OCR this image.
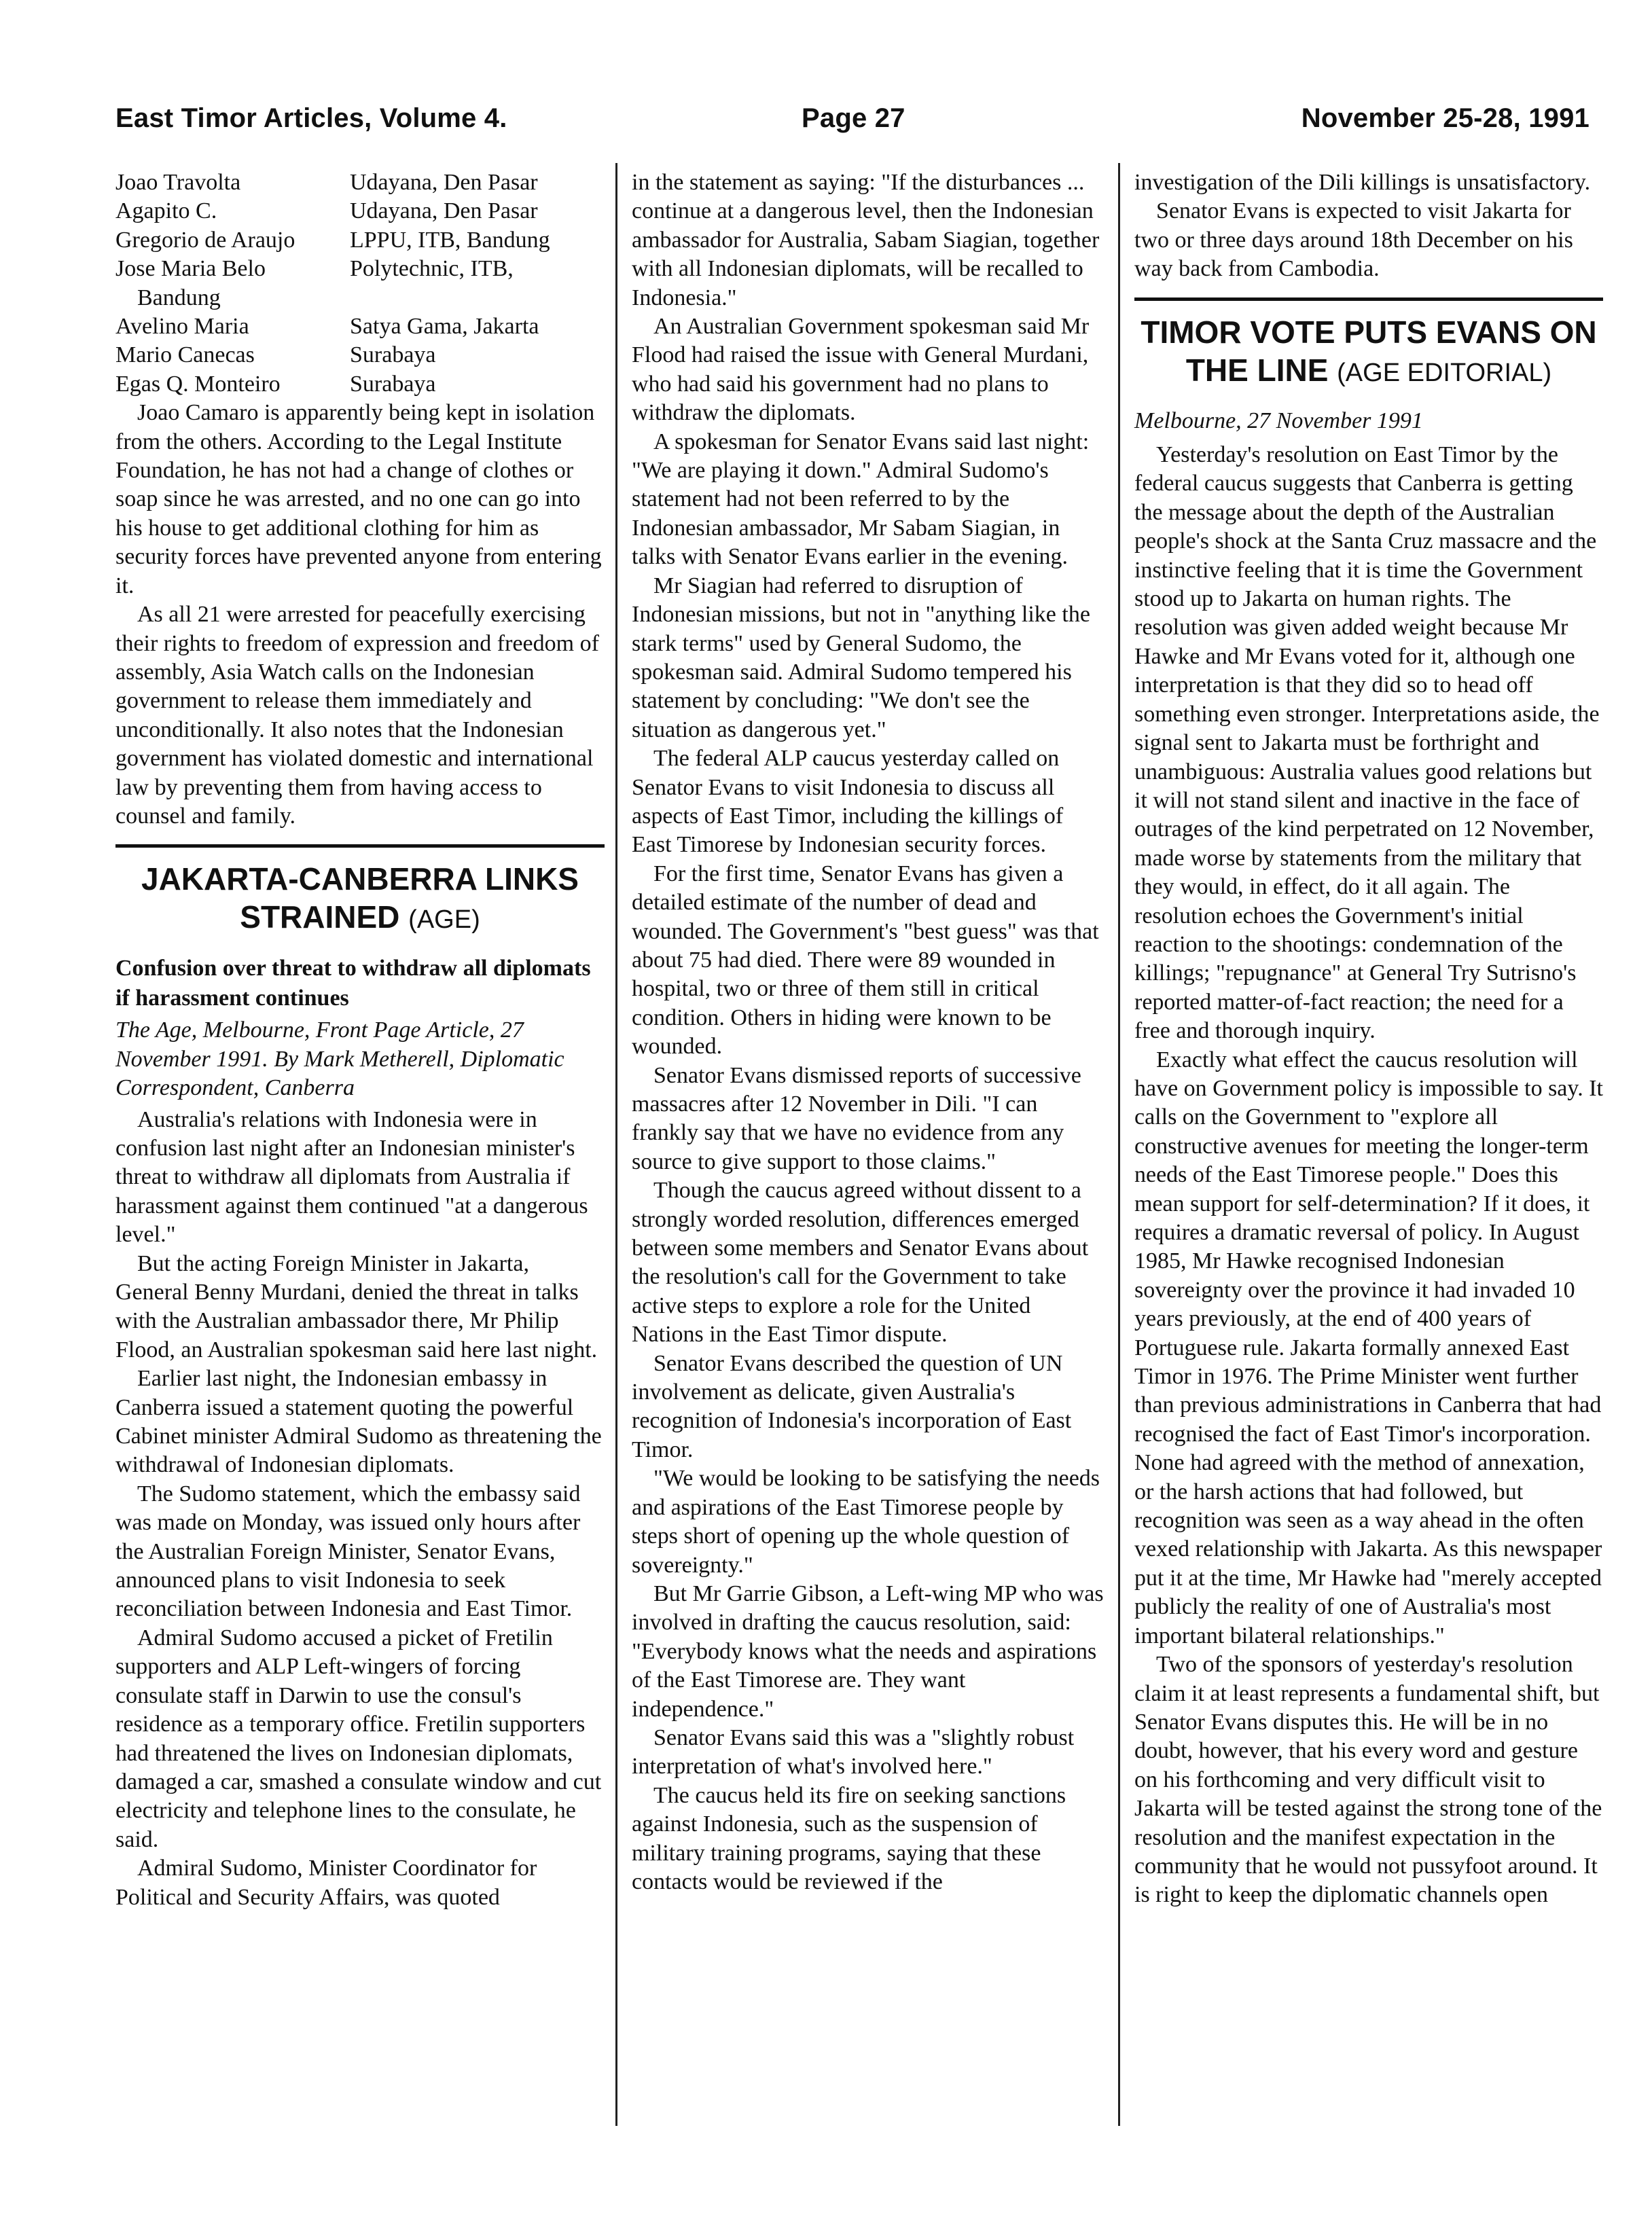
East Timor Articles, Volume 4.	Page 27	November 25-28, 1991
Joao Travolta	Udayana, Den Pasar
Agapito C.	Udayana, Den Pasar
Gregorio de Araujo	LPPU, ITB, Bandung
Jose Maria Belo	Polytechnic, ITB,
Bandung
Avelino Maria	Satya Gama, Jakarta
Mario Canecas	Surabaya
Egas Q. Monteiro	Surabaya

Joao Camaro is apparently being kept in isolation from the others. According to the Legal Institute Foundation, he has not had a change of clothes or soap since he was arrested, and no one can go into his house to get additional clothing for him as security forces have prevented anyone from entering it.

As all 21 were arrested for peacefully exercising their rights to freedom of expression and freedom of assembly, Asia Watch calls on the Indonesian government to release them immediately and unconditionally. It also notes that the Indonesian government has violated domestic and international law by preventing them from having access to counsel and family.

JAKARTA-CANBERRA LINKS
STRAINED (AGE)
Confusion over threat to withdraw all diplomats if harassment continues
The Age, Melbourne, Front Page Article, 27 November 1991. By Mark Metherell, Diplomatic Correspondent, Canberra

Australia's relations with Indonesia were in confusion last night after an Indonesian minister's threat to withdraw all diplomats from Australia if harassment against them continued "at a dangerous level."

But the acting Foreign Minister in Jakarta, General Benny Murdani, denied the threat in talks with the Australian ambassador there, Mr Philip Flood, an Australian spokesman said here last night.

Earlier last night, the Indonesian embassy in Canberra issued a statement quoting the powerful Cabinet minister Admiral Sudomo as threatening the withdrawal of Indonesian diplomats.

The Sudomo statement, which the embassy said was made on Monday, was issued only hours after the Australian Foreign Minister, Senator Evans, announced plans to visit Indonesia to seek reconciliation between Indonesia and East Timor.

Admiral Sudomo accused a picket of Fretilin supporters and ALP Left-wingers of forcing consulate staff in Darwin to use the consul's residence as a temporary office. Fretilin supporters had threatened the lives on Indonesian diplomats, damaged a car, smashed a consulate window and cut electricity and telephone lines to the consulate, he said.

Admiral Sudomo, Minister Coordinator for Political and Security Affairs, was quoted

in the statement as saying: "If the disturbances ... continue at a dangerous level, then the Indonesian ambassador for Australia, Sabam Siagian, together with all Indonesian diplomats, will be recalled to Indonesia."

An Australian Government spokesman said Mr Flood had raised the issue with General Murdani, who had said his government had no plans to withdraw the diplomats.

A spokesman for Senator Evans said last night: "We are playing it down." Admiral Sudomo's statement had not been referred to by the Indonesian ambassador, Mr Sabam Siagian, in talks with Senator Evans earlier in the evening.

Mr Siagian had referred to disruption of Indonesian missions, but not in "anything like the stark terms" used by General Sudomo, the spokesman said. Admiral Sudomo tempered his statement by concluding: "We don't see the situation as dangerous yet."

The federal ALP caucus yesterday called on Senator Evans to visit Indonesia to discuss all aspects of East Timor, including the killings of East Timorese by Indonesian security forces.

For the first time, Senator Evans has given a detailed estimate of the number of dead and wounded. The Government's "best guess" was that about 75 had died. There were 89 wounded in hospital, two or three of them still in critical condition. Others in hiding were known to be wounded.

Senator Evans dismissed reports of successive massacres after 12 November in Dili. "I can frankly say that we have no evidence from any source to give support to those claims."

Though the caucus agreed without dissent to a strongly worded resolution, differences emerged between some members and Senator Evans about the resolution's call for the Government to take active steps to explore a role for the United Nations in the East Timor dispute.

Senator Evans described the question of UN involvement as delicate, given Australia's recognition of Indonesia's incorporation of East Timor.

"We would be looking to be satisfying the needs and aspirations of the East Timorese people by steps short of opening up the whole question of sovereignty."

But Mr Garrie Gibson, a Left-wing MP who was involved in drafting the caucus resolution, said: "Everybody knows what the needs and aspirations of the East Timorese are. They want independence."

Senator Evans said this was a "slightly robust interpretation of what's involved here."

The caucus held its fire on seeking sanctions against Indonesia, such as the suspension of military training programs, saying that these contacts would be reviewed if the

investigation of the Dili killings is unsatisfactory.

Senator Evans is expected to visit Jakarta for two or three days around 18th December on his way back from Cambodia.

TIMOR VOTE PUTS EVANS ON
THE LINE (AGE EDITORIAL)
Melbourne, 27 November 1991

Yesterday's resolution on East Timor by the federal caucus suggests that Canberra is getting the message about the depth of the Australian people's shock at the Santa Cruz massacre and the instinctive feeling that it is time the Government stood up to Jakarta on human rights. The resolution was given added weight because Mr Hawke and Mr Evans voted for it, although one interpretation is that they did so to head off something even stronger. Interpretations aside, the signal sent to Jakarta must be forthright and unambiguous: Australia values good relations but it will not stand silent and inactive in the face of outrages of the kind perpetrated on 12 November, made worse by statements from the military that they would, in effect, do it all again. The resolution echoes the Government's initial reaction to the shootings: condemnation of the killings; "repugnance" at General Try Sutrisno's reported matter-of-fact reaction; the need for a free and thorough inquiry.

Exactly what effect the caucus resolution will have on Government policy is impossible to say. It calls on the Government to "explore all constructive avenues for meeting the longer-term needs of the East Timorese people." Does this mean support for self-determination? If it does, it requires a dramatic reversal of policy. In August 1985, Mr Hawke recognised Indonesian sovereignty over the province it had invaded 10 years previously, at the end of 400 years of Portuguese rule. Jakarta formally annexed East Timor in 1976. The Prime Minister went further than previous administrations in Canberra that had recognised the fact of East Timor's incorporation. None had agreed with the method of annexation, or the harsh actions that had followed, but recognition was seen as a way ahead in the often vexed relationship with Jakarta. As this newspaper put it at the time, Mr Hawke had "merely accepted publicly the reality of one of Australia's most important bilateral relationships."

Two of the sponsors of yesterday's resolution claim it at least represents a fundamental shift, but Senator Evans disputes this. He will be in no doubt, however, that his every word and gesture on his forthcoming and very difficult visit to Jakarta will be tested against the strong tone of the resolution and the manifest expectation in the community that he would not pussyfoot around. It is right to keep the diplomatic channels open
